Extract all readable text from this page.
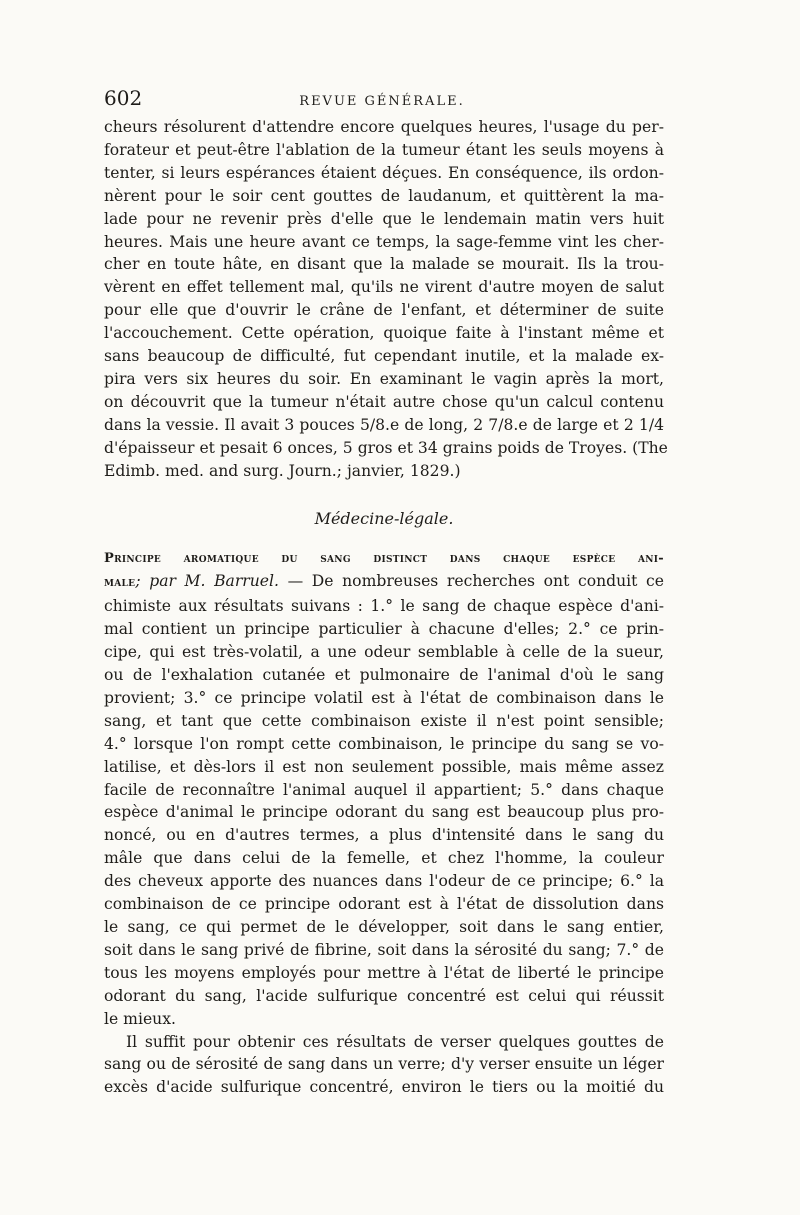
602	REVUE GÉNÉRALE.
cheurs résolurent d'attendre encore quelques heures, l'usage du per-
forateur et peut-être l'ablation de la tumeur étant les seuls moyens à
tenter, si leurs espérances étaient déçues. En conséquence, ils ordon-
nèrent pour le soir cent gouttes de laudanum, et quittèrent la ma-
lade pour ne revenir près d'elle que le lendemain matin vers huit
heures. Mais une heure avant ce temps, la sage-femme vint les cher-
cher en toute hâte, en disant que la malade se mourait. Ils la trou-
vèrent en effet tellement mal, qu'ils ne virent d'autre moyen de salut
pour elle que d'ouvrir le crâne de l'enfant, et déterminer de suite
l'accouchement. Cette opération, quoique faite à l'instant même et
sans beaucoup de difficulté, fut cependant inutile, et la malade ex-
pira vers six heures du soir. En examinant le vagin après la mort,
on découvrit que la tumeur n'était autre chose qu'un calcul contenu
dans la vessie. Il avait 3 pouces 5/8.e de long, 2 7/8.e de large et 2 1/4
d'épaisseur et pesait 6 onces, 5 gros et 34 grains poids de Troyes. (The
Edimb. med. and surg. Journ.; janvier, 1829.)
Médecine-légale.
Principe aromatique du sang distinct dans chaque espèce ani-
male; par M. Barruel. — De nombreuses recherches ont conduit ce
chimiste aux résultats suivans : 1.° le sang de chaque espèce d'ani-
mal contient un principe particulier à chacune d'elles; 2.° ce prin-
cipe, qui est très-volatil, a une odeur semblable à celle de la sueur,
ou de l'exhalation cutanée et pulmonaire de l'animal d'où le sang
provient; 3.° ce principe volatil est à l'état de combinaison dans le
sang, et tant que cette combinaison existe il n'est point sensible;
4.° lorsque l'on rompt cette combinaison, le principe du sang se vo-
latilise, et dès-lors il est non seulement possible, mais même assez
facile de reconnaître l'animal auquel il appartient; 5.° dans chaque
espèce d'animal le principe odorant du sang est beaucoup plus pro-
noncé, ou en d'autres termes, a plus d'intensité dans le sang du
mâle que dans celui de la femelle, et chez l'homme, la couleur
des cheveux apporte des nuances dans l'odeur de ce principe; 6.° la
combinaison de ce principe odorant est à l'état de dissolution dans
le sang, ce qui permet de le développer, soit dans le sang entier,
soit dans le sang privé de fibrine, soit dans la sérosité du sang; 7.° de
tous les moyens employés pour mettre à l'état de liberté le principe
odorant du sang, l'acide sulfurique concentré est celui qui réussit
le mieux.
Il suffit pour obtenir ces résultats de verser quelques gouttes de
sang ou de sérosité de sang dans un verre; d'y verser ensuite un léger
excès d'acide sulfurique concentré, environ le tiers ou la moitié du
